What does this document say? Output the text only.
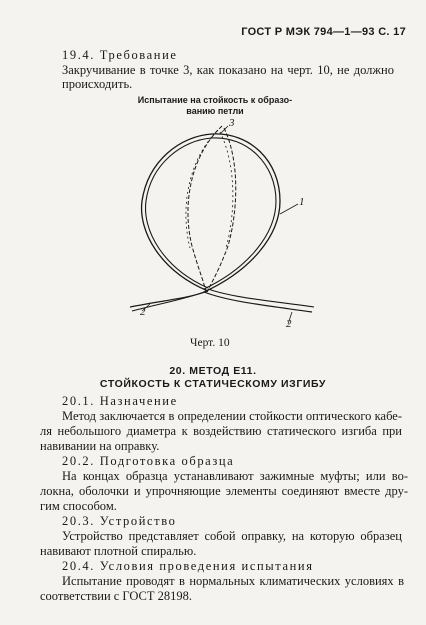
ГОСТ Р МЭК 794—1—93 С. 17
19.4. Требование
Закручивание в точке 3, как показано на черт. 10, не должно
происходить.
Испытание на стойкость к образо-
ванию петли
3
1
2
2
Черт. 10
20. МЕТОД Е11.
СТОЙКОСТЬ К СТАТИЧЕСКОМУ ИЗГИБУ
20.1. Назначение
Метод заключается в определении стойкости оптического кабе-
ля небольшого диаметра к воздействию статического изгиба при
навивании на оправку.
20.2. Подготовка образца
На концах образца устанавливают зажимные муфты; или во-
локна, оболочки и упрочняющие элементы соединяют вместе дру-
гим способом.
20.3. Устройство
Устройство представляет собой оправку, на которую образец
навивают плотной спиралью.
20.4. Условия проведения испытания
Испытание проводят в нормальных климатических условиях в
соответствии с ГОСТ 28198.
